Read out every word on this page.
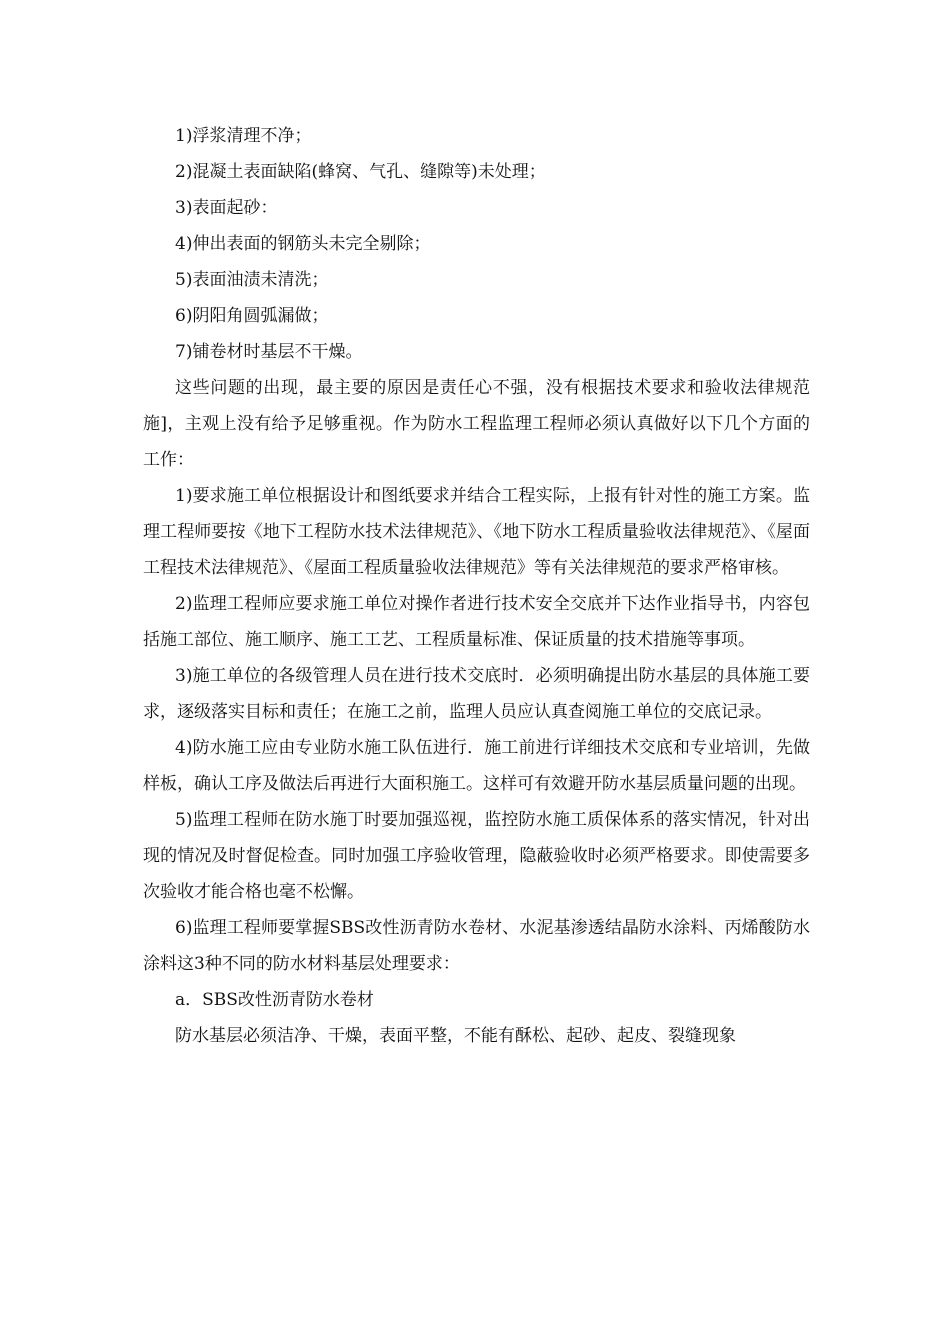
1)浮浆清理不净；

2)混凝土表面缺陷(蜂窝、气孔、缝隙等)未处理；

3)表面起砂：

4)伸出表面的钢筋头未完全剔除；

5)表面油渍未清洗；

6)阴阳角圆弧漏做；

7)铺卷材时基层不干燥。

这些问题的出现，最主要的原因是责任心不强，没有根据技术要求和验收法律规范施]，主观上没有给予足够重视。作为防水工程监理工程师必须认真做好以下几个方面的工作：

1)要求施工单位根据设计和图纸要求并结合工程实际，上报有针对性的施工方案。监理工程师要按《地下工程防水技术法律规范》、《地下防水工程质量验收法律规范》、《屋面工程技术法律规范》、《屋面工程质量验收法律规范》等有关法律规范的要求严格审核。

2)监理工程师应要求施工单位对操作者进行技术安全交底并下达作业指导书，内容包括施工部位、施工顺序、施工工艺、工程质量标准、保证质量的技术措施等事项。

3)施工单位的各级管理人员在进行技术交底时．必须明确提出防水基层的具体施工要求，逐级落实目标和责任；在施工之前，监理人员应认真查阅施工单位的交底记录。

4)防水施工应由专业防水施工队伍进行．施工前进行详细技术交底和专业培训，先做样板，确认工序及做法后再进行大面积施工。这样可有效避开防水基层质量问题的出现。

5)监理工程师在防水施丁时要加强巡视，监控防水施工质保体系的落实情况，针对出现的情况及时督促检查。同时加强工序验收管理，隐蔽验收时必须严格要求。即使需要多次验收才能合格也毫不松懈。

6)监理工程师要掌握SBS改性沥青防水卷材、水泥基渗透结晶防水涂料、丙烯酸防水涂料这3种不同的防水材料基层处理要求：

a．SBS改性沥青防水卷材

防水基层必须洁净、干燥，表面平整，不能有酥松、起砂、起皮、裂缝现象
